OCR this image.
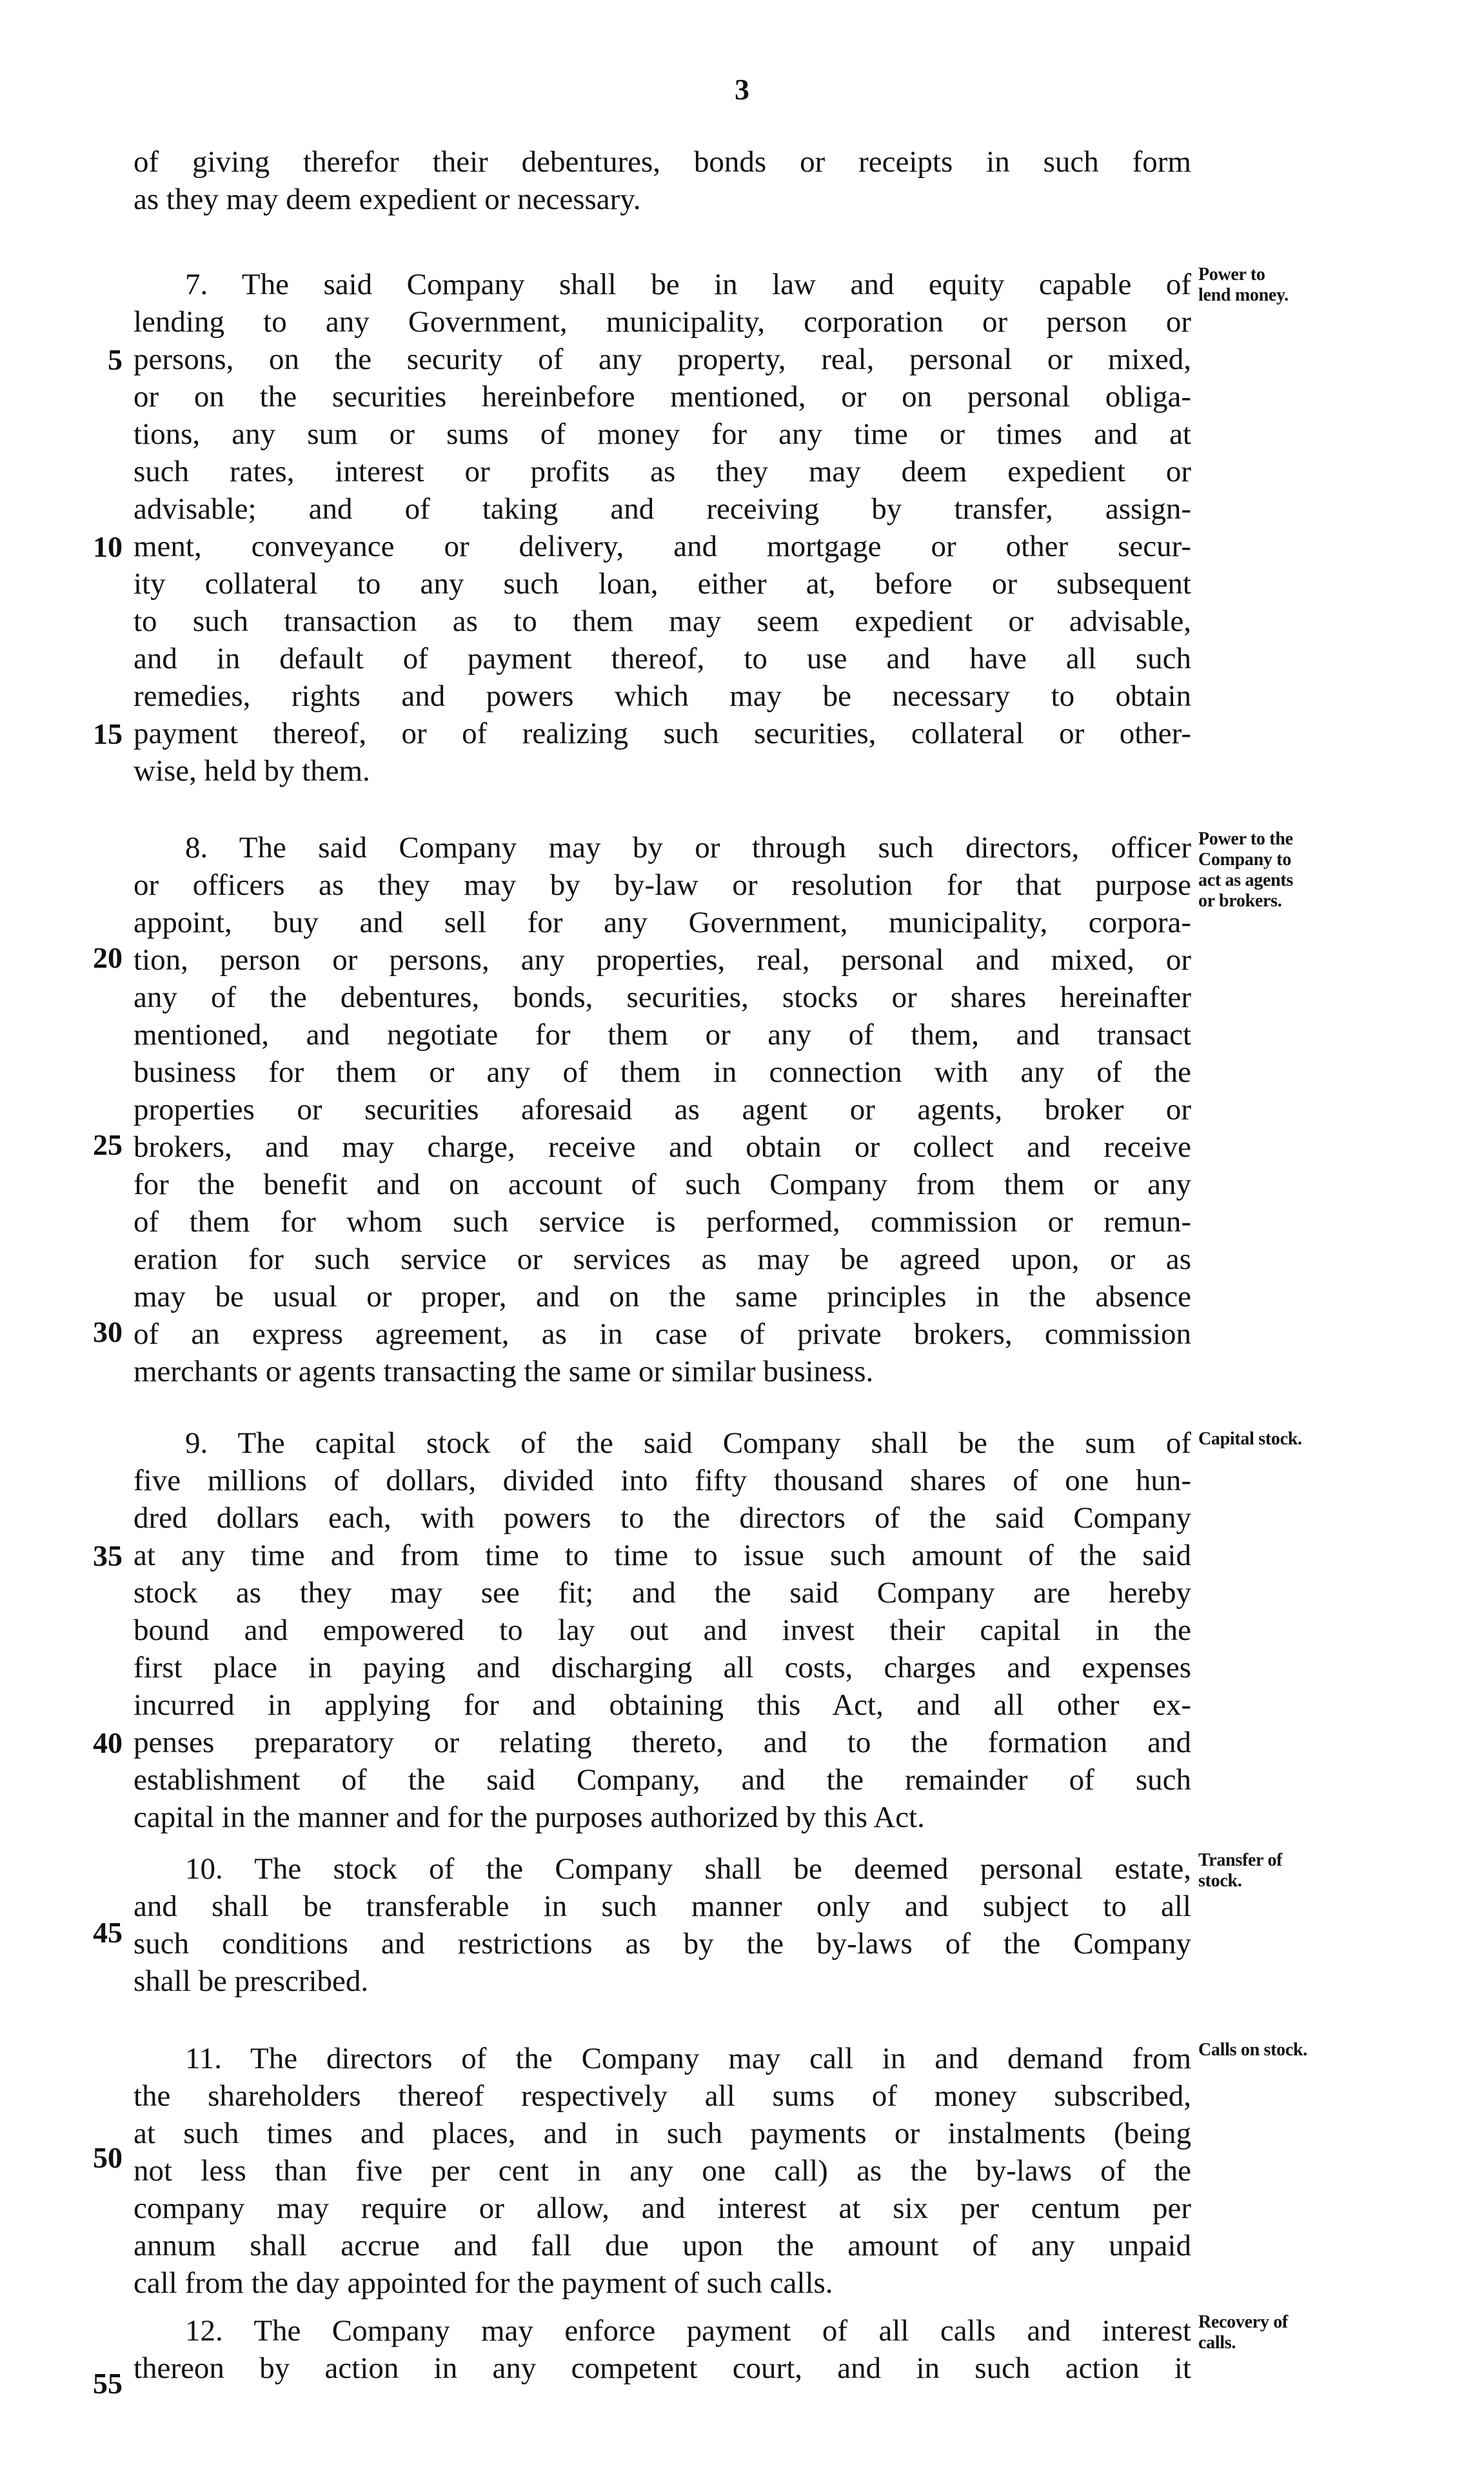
3
of giving therefor their debentures, bonds or receipts in such form
as they may deem expedient or necessary.
7. The said Company shall be in law and equity capable of
lending to any Government, municipality, corporation or person or
persons, on the security of any property, real, personal or mixed,
or on the securities hereinbefore mentioned, or on personal obliga-
tions, any sum or sums of money for any time or times and at
such rates, interest or profits as they may deem expedient or
advisable; and of taking and receiving by transfer, assign-
ment, conveyance or delivery, and mortgage or other secur-
ity collateral to any such loan, either at, before or subsequent
to such transaction as to them may seem expedient or advisable,
and in default of payment thereof, to use and have all such
remedies, rights and powers which may be necessary to obtain
payment thereof, or of realizing such securities, collateral or other-
wise, held by them.
8. The said Company may by or through such directors, officer
or officers as they may by by-law or resolution for that purpose
appoint, buy and sell for any Government, municipality, corpora-
tion, person or persons, any properties, real, personal and mixed, or
any of the debentures, bonds, securities, stocks or shares hereinafter
mentioned, and negotiate for them or any of them, and transact
business for them or any of them in connection with any of the
properties or securities aforesaid as agent or agents, broker or
brokers, and may charge, receive and obtain or collect and receive
for the benefit and on account of such Company from them or any
of them for whom such service is performed, commission or remun-
eration for such service or services as may be agreed upon, or as
may be usual or proper, and on the same principles in the absence
of an express agreement, as in case of private brokers, commission
merchants or agents transacting the same or similar business.
9. The capital stock of the said Company shall be the sum of
five millions of dollars, divided into fifty thousand shares of one hun-
dred dollars each, with powers to the directors of the said Company
at any time and from time to time to issue such amount of the said
stock as they may see fit; and the said Company are hereby
bound and empowered to lay out and invest their capital in the
first place in paying and discharging all costs, charges and expenses
incurred in applying for and obtaining this Act, and all other ex-
penses preparatory or relating thereto, and to the formation and
establishment of the said Company, and the remainder of such
capital in the manner and for the purposes authorized by this Act.
10. The stock of the Company shall be deemed personal estate,
and shall be transferable in such manner only and subject to all
such conditions and restrictions as by the by-laws of the Company
shall be prescribed.
11. The directors of the Company may call in and demand from
the shareholders thereof respectively all sums of money subscribed,
at such times and places, and in such payments or instalments (being
not less than five per cent in any one call) as the by-laws of the
company may require or allow, and interest at six per centum per
annum shall accrue and fall due upon the amount of any unpaid
call from the day appointed for the payment of such calls.
12. The Company may enforce payment of all calls and interest
thereon by action in any competent court, and in such action it
5
10
15
20
25
30
35
40
45
50
55
Power to
lend money.
Power to the
Company to
act as agents
or brokers.
Capital stock.
Transfer of
stock.
Calls on stock.
Recovery of
calls.
